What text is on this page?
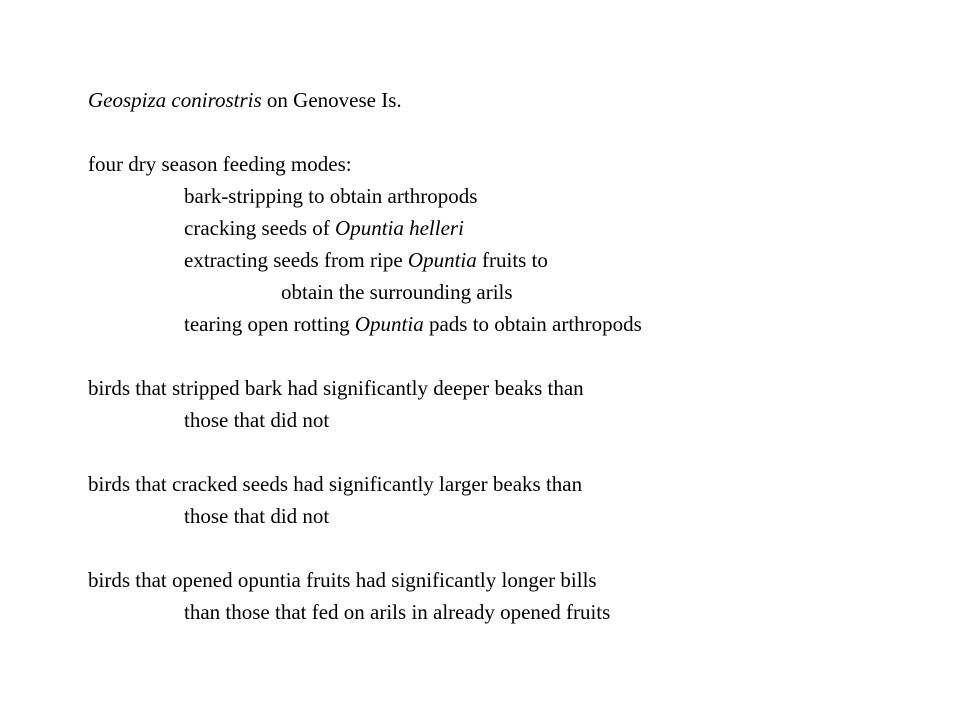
Geospiza conirostris on Genovese Is.
four dry season feeding modes:
bark-stripping to obtain arthropods
cracking seeds of Opuntia helleri
extracting seeds from ripe Opuntia fruits to
obtain the surrounding arils
tearing open rotting Opuntia pads to obtain arthropods
birds that stripped bark had significantly deeper beaks than
those that did not
birds that cracked seeds had significantly larger beaks than
those that did not
birds that opened opuntia fruits had significantly longer bills
than those that fed on arils in already opened fruits
